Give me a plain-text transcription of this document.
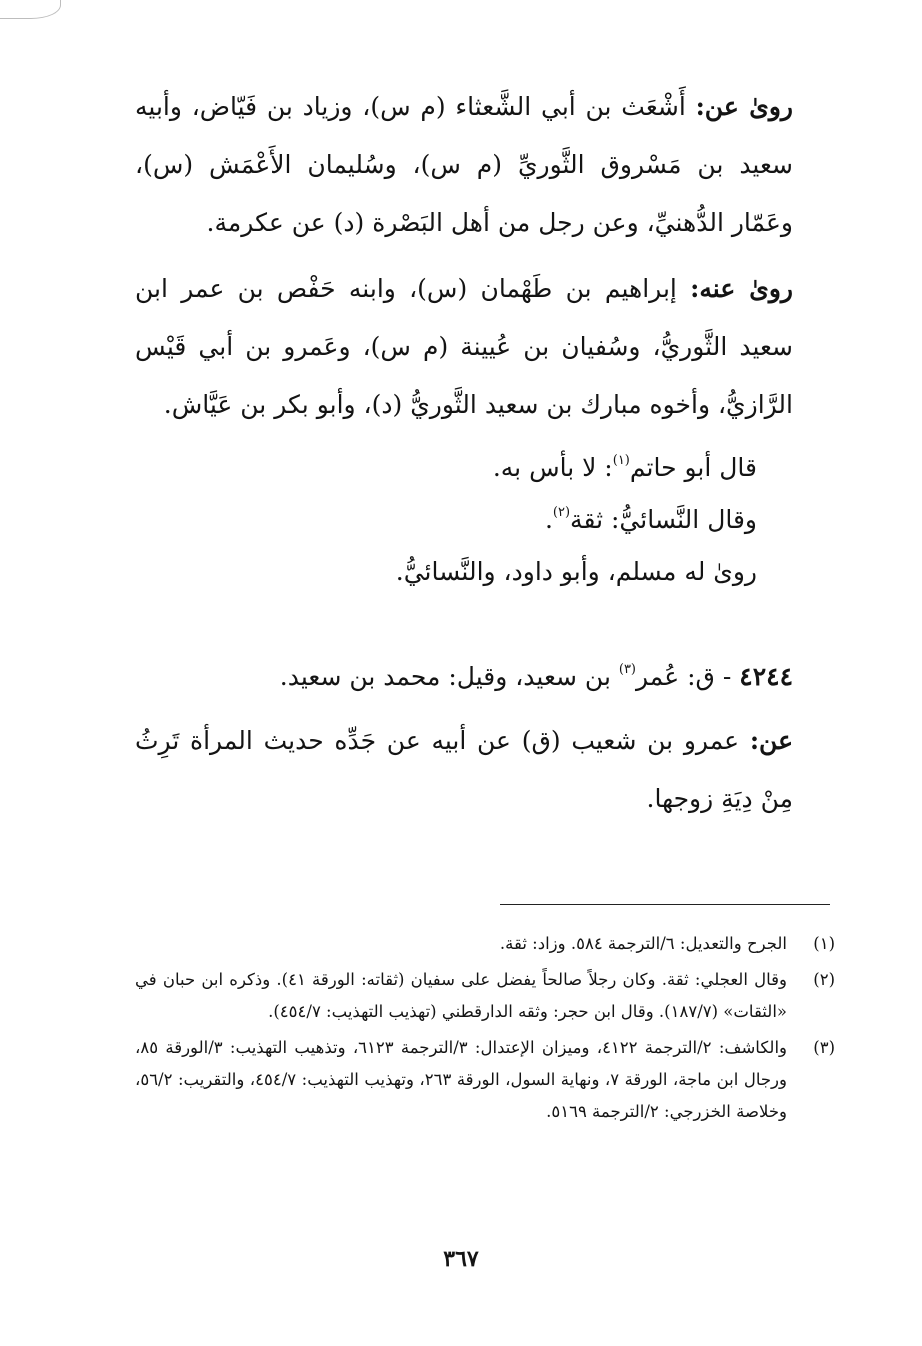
روىٰ عن: أَشْعَث بن أبي الشَّعثاء (م س)، وزياد بن فَيّاض، وأبيه سعيد بن مَسْروق الثَّوريِّ (م س)، وسُليمان الأَعْمَش (س)، وعَمّار الدُّهنيِّ، وعن رجل من أهل البَصْرة (د) عن عكرمة.

روىٰ عنه: إبراهيم بن طَهْمان (س)، وابنه حَفْص بن عمر ابن سعيد الثَّوريُّ، وسُفيان بن عُيينة (م س)، وعَمرو بن أبي قَيْس الرَّازيُّ، وأخوه مبارك بن سعيد الثَّوريُّ (د)، وأبو بكر بن عَيَّاش.

قال أبو حاتم$^{(١)}$: لا بأس به.

وقال النَّسائيُّ: ثقة$^{(٢)}$.

روىٰ له مسلم، وأبو داود، والنَّسائيُّ.

٤٢٤٤ - ق: عُمر$^{(٣)}$ بن سعيد، وقيل: محمد بن سعيد.

عن: عمرو بن شعيب (ق) عن أبيه عن جَدِّه حديث المرأة تَرِثُ مِنْ دِيَةِ زوجها.

(١)
الجرح والتعديل: ٦/الترجمة ٥٨٤. وزاد: ثقة.
(٢)
وقال العجلي: ثقة. وكان رجلاً صالحاً يفضل على سفيان (ثقاته: الورقة ٤١). وذكره ابن حبان في «الثقات» (١٨٧/٧). وقال ابن حجر: وثقه الدارقطني (تهذيب التهذيب: ٤٥٤/٧).
(٣)
والكاشف: ٢/الترجمة ٤١٢٢، وميزان الإعتدال: ٣/الترجمة ٦١٢٣، وتذهيب التهذيب: ٣/الورقة ٨٥، ورجال ابن ماجة، الورقة ٧، ونهاية السول، الورقة ٢٦٣، وتهذيب التهذيب: ٤٥٤/٧، والتقريب: ٥٦/٢، وخلاصة الخزرجي: ٢/الترجمة ٥١٦٩.
٣٦٧
